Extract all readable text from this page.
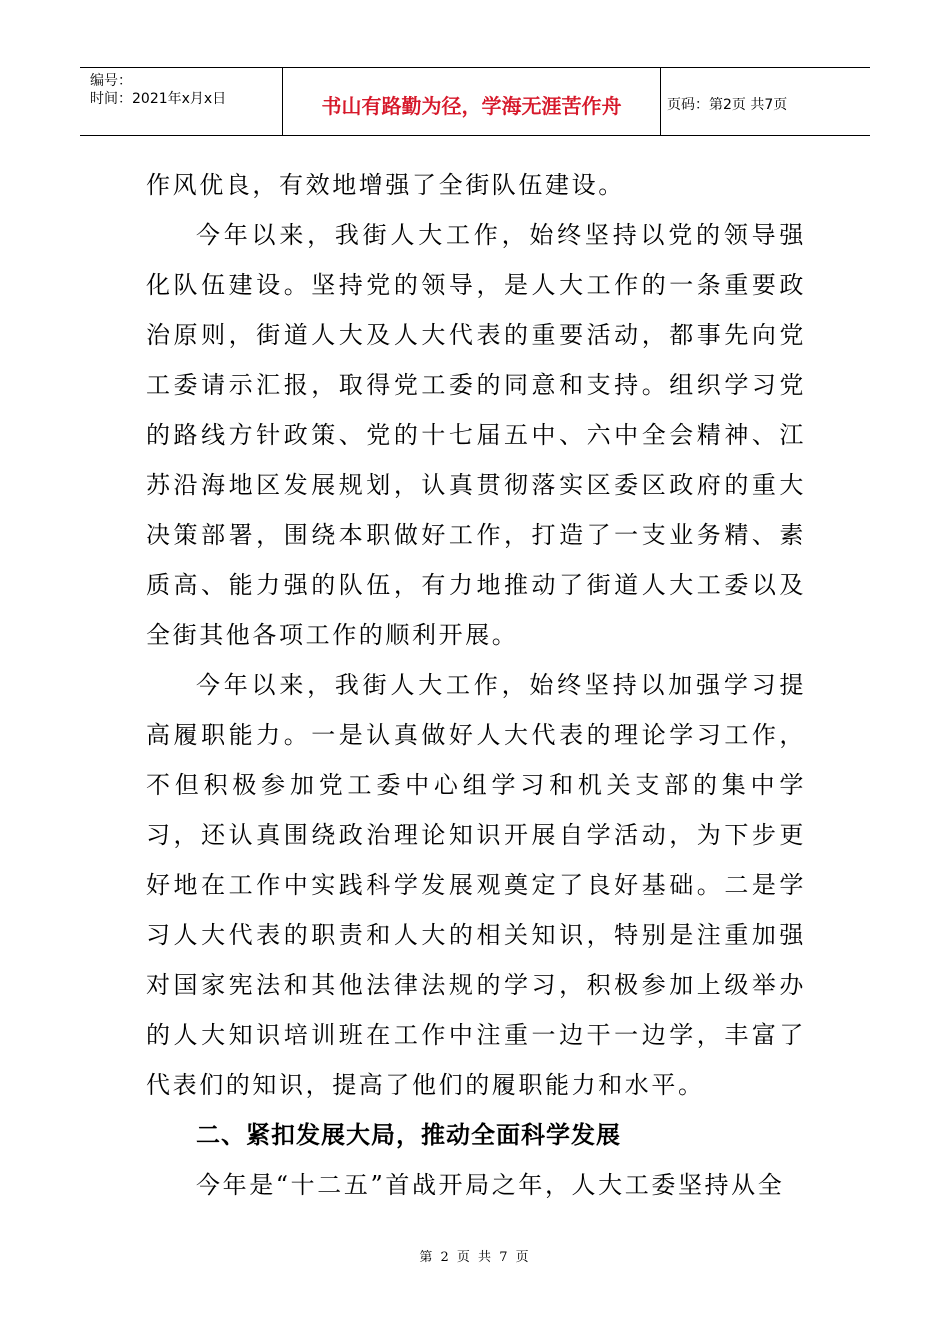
编号：
时间：2021年x月x日	书山有路勤为径，学海无涯苦作舟	页码：第2页 共7页

作风优良，有效地增强了全街队伍建设。

今年以来，我街人大工作，始终坚持以党的领导强化队伍建设。坚持党的领导，是人大工作的一条重要政治原则，街道人大及人大代表的重要活动，都事先向党工委请示汇报，取得党工委的同意和支持。组织学习党的路线方针政策、党的十七届五中、六中全会精神、江苏沿海地区发展规划，认真贯彻落实区委区政府的重大决策部署，围绕本职做好工作，打造了一支业务精、素质高、能力强的队伍，有力地推动了街道人大工委以及全街其他各项工作的顺利开展。

今年以来，我街人大工作，始终坚持以加强学习提高履职能力。一是认真做好人大代表的理论学习工作，不但积极参加党工委中心组学习和机关支部的集中学习，还认真围绕政治理论知识开展自学活动，为下步更好地在工作中实践科学发展观奠定了良好基础。二是学习人大代表的职责和人大的相关知识，特别是注重加强对国家宪法和其他法律法规的学习，积极参加上级举办的人大知识培训班在工作中注重一边干一边学，丰富了代表们的知识，提高了他们的履职能力和水平。

二、紧扣发展大局，推动全面科学发展

今年是“十二五”首战开局之年，人大工委坚持从全

第 2 页 共 7 页
